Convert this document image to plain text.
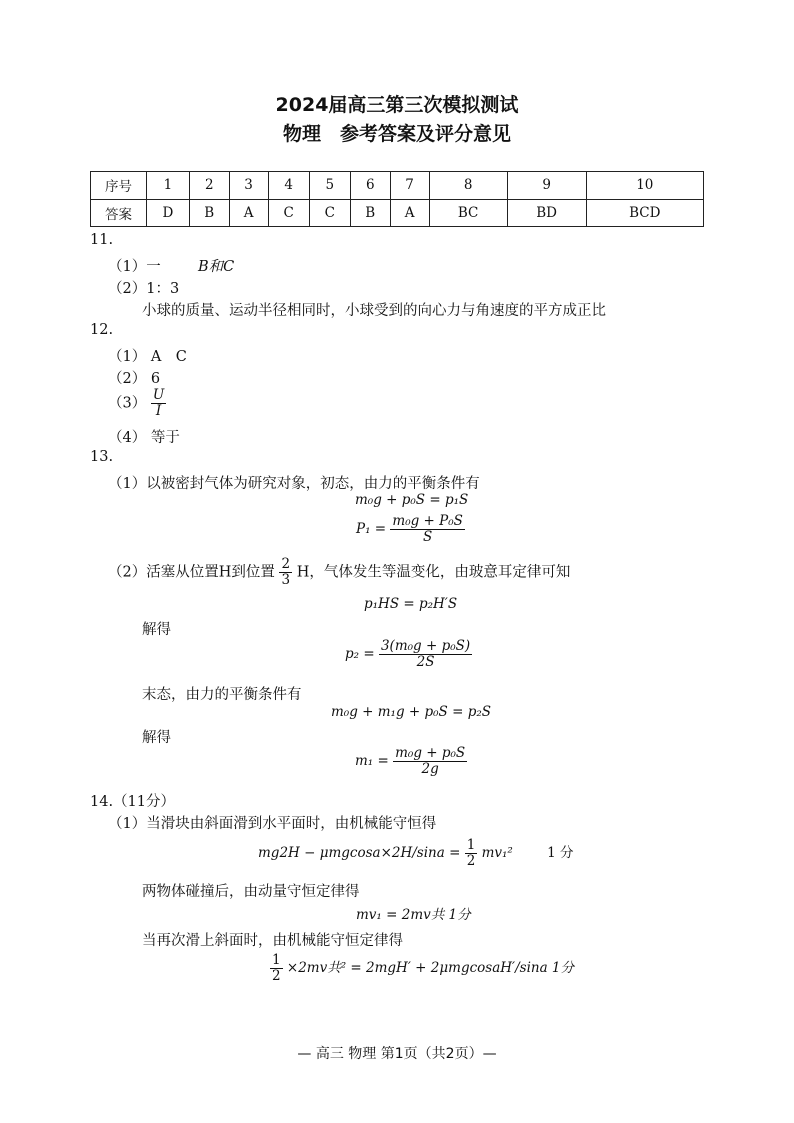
2024届高三第三次模拟测试
物理　参考答案及评分意见
序号	1	2	3	4	5	6	7	8	9	10
答案	D	B	A	C	C	B	A	BC	BD	BCD
11.
（1）一	B和C
（2）1：3
小球的质量、运动半径相同时，小球受到的向心力与角速度的平方成正比
12.
（1） A　C
（2） 6
$(3) \frac{U}{I}$
（4） 等于
13.
（1）以被密封气体为研究对象，初态，由力的平衡条件有
m₀g + p₀S = p₁S
$P_1 = \frac{\text{m₀g + P₀S}}{S}$
（2）活塞从位置H到位置 $\frac{2}{3}$ H，气体发生等温变化，由玻意耳定律可知
p₁HS = p₂H′S
解得
$p_2 = \frac{\text{3(m₀g + p₀S)}}{2S}$
末态，由力的平衡条件有
m₀g + m₁g + p₀S = p₂S
解得
$m_1 = \frac{\text{m₀g + p₀S}}{2g}$
14.（11分）
（1）当滑块由斜面滑到水平面时，由机械能守恒得
$mg2H - \mu mgcosa\times 2H/\sin a = \frac{1}{2} mv_1^2$	1 分
两物体碰撞后，由动量守恒定律得
mv₁ = 2mv共 1分
当再次滑上斜面时，由机械能守恒定律得
$\frac{1}{2} \times 2mv$共² = 2mgH′ + 2μmgcosaH′/sina 1分
— 高三 物理 第1页（共2页）—
